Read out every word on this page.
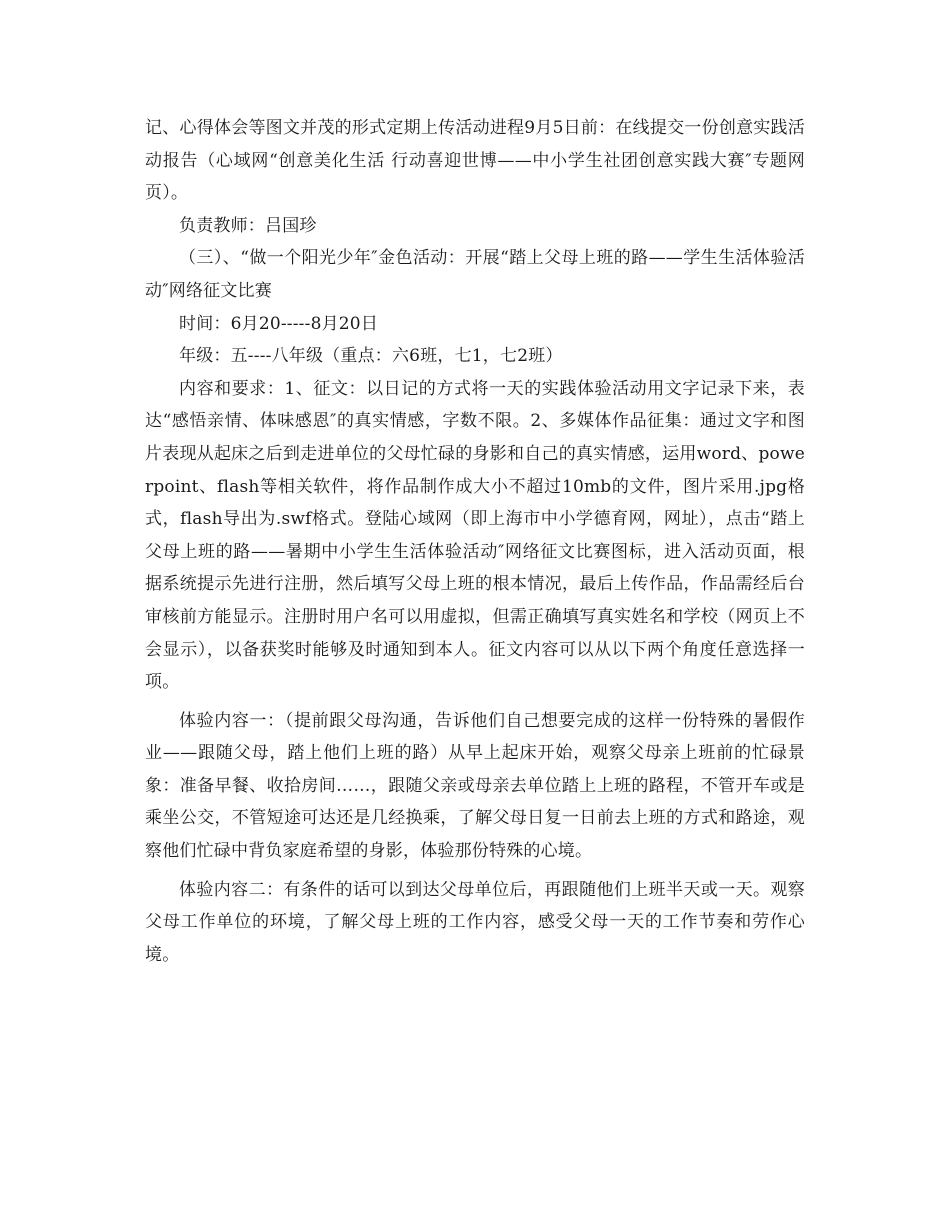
记、心得体会等图文并茂的形式定期上传活动进程9月5日前：在线提交一份创意实践活动报告（心域网“创意美化生活 行动喜迎世博——中小学生社团创意实践大赛″专题网页）。

负责教师：吕国珍

（三）、“做一个阳光少年″金色活动：开展“踏上父母上班的路——学生生活体验活动″网络征文比赛

时间：6月20-----8月20日

年级：五----八年级（重点：六6班，七1，七2班）

内容和要求：1、征文：以日记的方式将一天的实践体验活动用文字记录下来，表达“感悟亲情、体味感恩″的真实情感，字数不限。2、多媒体作品征集：通过文字和图片表现从起床之后到走进单位的父母忙碌的身影和自己的真实情感，运用word、powerpoint、flash等相关软件，将作品制作成大小不超过10mb的文件，图片采用.jpg格式，flash导出为.swf格式。登陆心域网（即上海市中小学德育网，网址），点击“踏上父母上班的路——暑期中小学生生活体验活动″网络征文比赛图标，进入活动页面，根据系统提示先进行注册，然后填写父母上班的根本情况，最后上传作品，作品需经后台审核前方能显示。注册时用户名可以用虚拟，但需正确填写真实姓名和学校（网页上不会显示），以备获奖时能够及时通知到本人。征文内容可以从以下两个角度任意选择一项。

体验内容一：（提前跟父母沟通，告诉他们自己想要完成的这样一份特殊的暑假作业——跟随父母，踏上他们上班的路）从早上起床开始，观察父母亲上班前的忙碌景象：准备早餐、收拾房间……，跟随父亲或母亲去单位踏上上班的路程，不管开车或是乘坐公交，不管短途可达还是几经换乘，了解父母日复一日前去上班的方式和路途，观察他们忙碌中背负家庭希望的身影，体验那份特殊的心境。

体验内容二：有条件的话可以到达父母单位后，再跟随他们上班半天或一天。观察父母工作单位的环境，了解父母上班的工作内容，感受父母一天的工作节奏和劳作心境。
